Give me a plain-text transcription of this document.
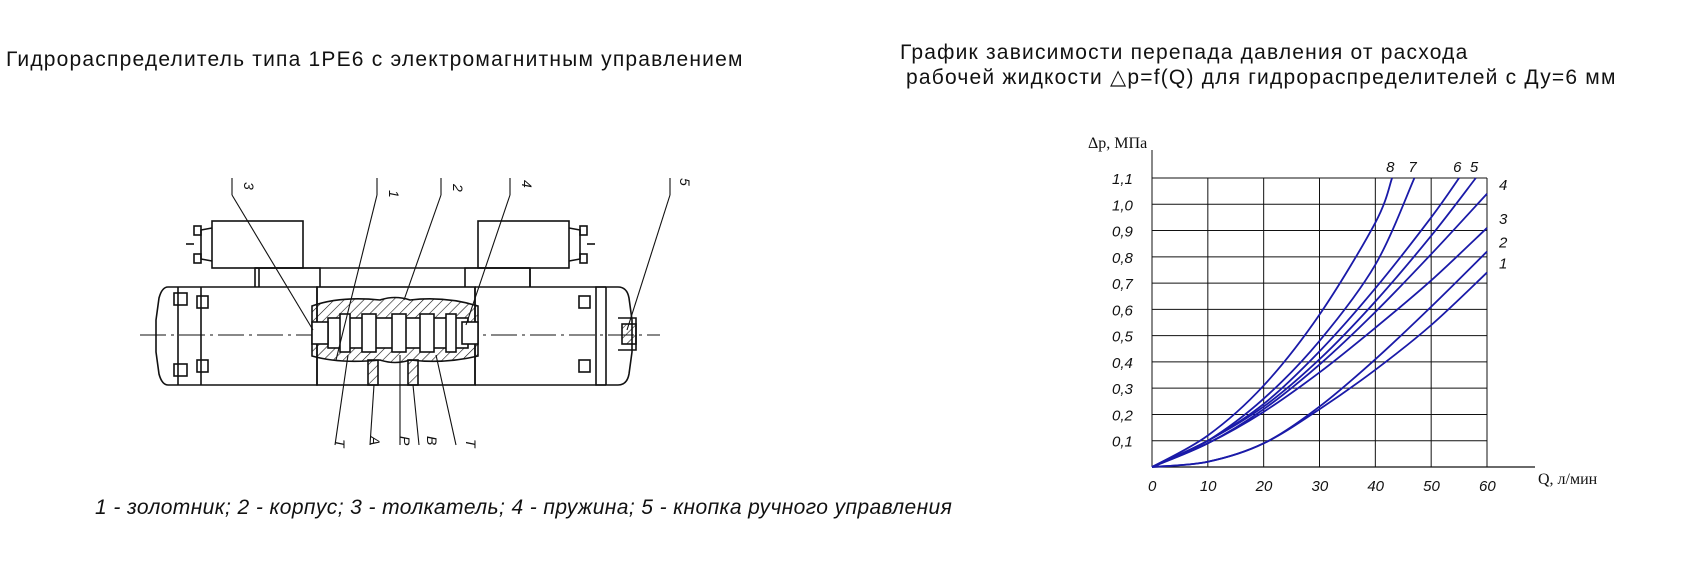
Гидрораспределитель типа 1РЕ6 с электромагнитным управлением	График зависимости перепада давления от расхода
рабочей жидкости △p=f(Q) для гидрораспределителей с Ду=6 мм
1 - золотник; 2 - корпус; 3 - толкатель; 4 - пружина; 5 - кнопка ручного управления
3
1
2
4	5
Т А Р В Т	0,1
0,2
0,3
0,4
0,5
0,6
0,7
0,8
0,9
1,0
1,1
0	10	20	30	40	50	60
1
2
3
4
5
6
7
8
Δp, МПа
Q, л/мин
